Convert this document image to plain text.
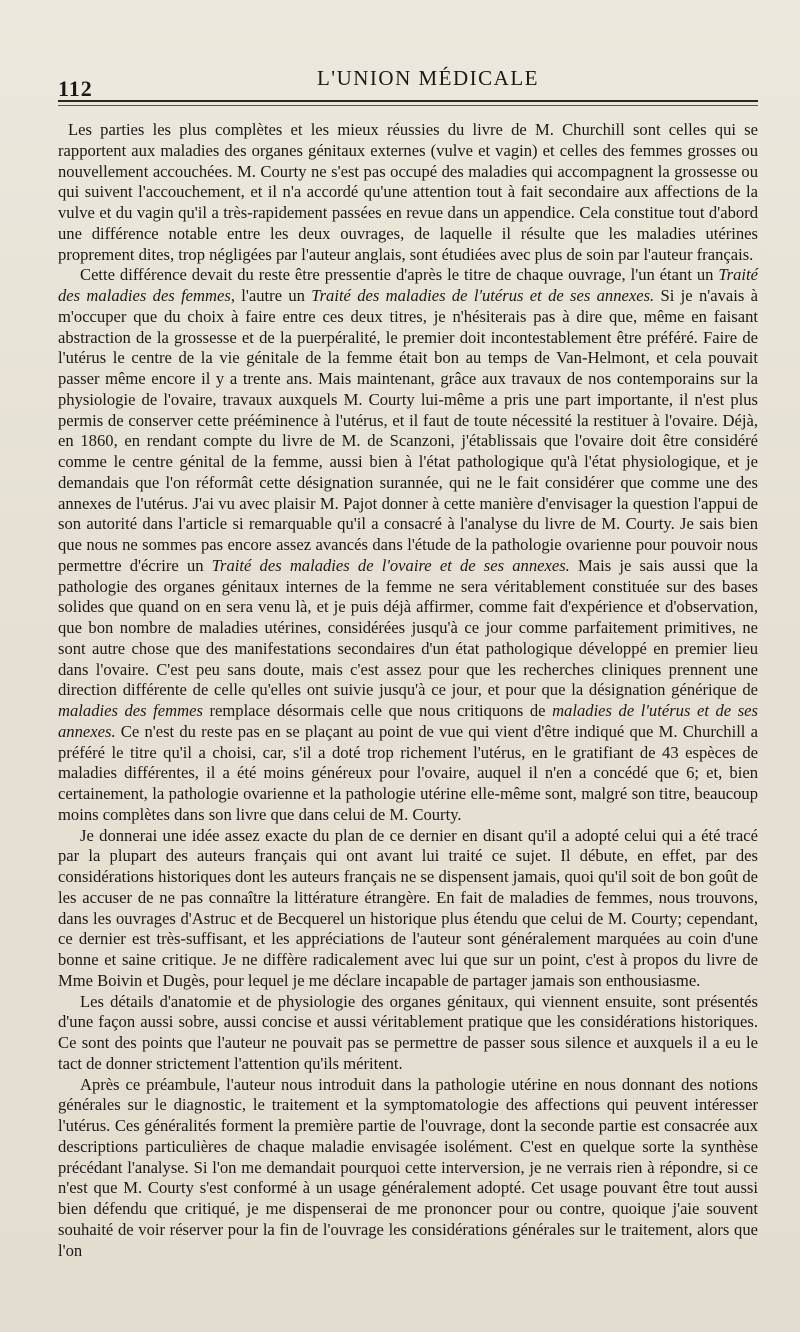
112	L'UNION MÉDICALE

Les parties les plus complètes et les mieux réussies du livre de M. Churchill sont celles qui se rapportent aux maladies des organes génitaux externes (vulve et vagin) et celles des femmes grosses ou nouvellement accouchées. M. Courty ne s'est pas occupé des maladies qui accompagnent la grossesse ou qui suivent l'accouchement, et il n'a accordé qu'une attention tout à fait secondaire aux affections de la vulve et du vagin qu'il a très-rapidement passées en revue dans un appendice. Cela constitue tout d'abord une différence notable entre les deux ouvrages, de laquelle il résulte que les maladies utérines proprement dites, trop négligées par l'auteur anglais, sont étudiées avec plus de soin par l'auteur français.

Cette différence devait du reste être pressentie d'après le titre de chaque ouvrage, l'un étant un Traité des maladies des femmes, l'autre un Traité des maladies de l'utérus et de ses annexes. Si je n'avais à m'occuper que du choix à faire entre ces deux titres, je n'hésiterais pas à dire que, même en faisant abstraction de la grossesse et de la puerpéralité, le premier doit incontestablement être préféré. Faire de l'utérus le centre de la vie génitale de la femme était bon au temps de Van-Helmont, et cela pouvait passer même encore il y a trente ans. Mais maintenant, grâce aux travaux de nos contemporains sur la physiologie de l'ovaire, travaux auxquels M. Courty lui-même a pris une part importante, il n'est plus permis de conserver cette prééminence à l'utérus, et il faut de toute nécessité la restituer à l'ovaire. Déjà, en 1860, en rendant compte du livre de M. de Scanzoni, j'établissais que l'ovaire doit être considéré comme le centre génital de la femme, aussi bien à l'état pathologique qu'à l'état physiologique, et je demandais que l'on réformât cette désignation surannée, qui ne le fait considérer que comme une des annexes de l'utérus. J'ai vu avec plaisir M. Pajot donner à cette manière d'envisager la question l'appui de son autorité dans l'article si remarquable qu'il a consacré à l'analyse du livre de M. Courty. Je sais bien que nous ne sommes pas encore assez avancés dans l'étude de la pathologie ovarienne pour pouvoir nous permettre d'écrire un Traité des maladies de l'ovaire et de ses annexes. Mais je sais aussi que la pathologie des organes génitaux internes de la femme ne sera véritablement constituée sur des bases solides que quand on en sera venu là, et je puis déjà affirmer, comme fait d'expérience et d'observation, que bon nombre de maladies utérines, considérées jusqu'à ce jour comme parfaitement primitives, ne sont autre chose que des manifestations secondaires d'un état pathologique développé en premier lieu dans l'ovaire. C'est peu sans doute, mais c'est assez pour que les recherches cliniques prennent une direction différente de celle qu'elles ont suivie jusqu'à ce jour, et pour que la désignation générique de maladies des femmes remplace désormais celle que nous critiquons de maladies de l'utérus et de ses annexes. Ce n'est du reste pas en se plaçant au point de vue qui vient d'être indiqué que M. Churchill a préféré le titre qu'il a choisi, car, s'il a doté trop richement l'utérus, en le gratifiant de 43 espèces de maladies différentes, il a été moins généreux pour l'ovaire, auquel il n'en a concédé que 6; et, bien certainement, la pathologie ovarienne et la pathologie utérine elle-même sont, malgré son titre, beaucoup moins complètes dans son livre que dans celui de M. Courty.

Je donnerai une idée assez exacte du plan de ce dernier en disant qu'il a adopté celui qui a été tracé par la plupart des auteurs français qui ont avant lui traité ce sujet. Il débute, en effet, par des considérations historiques dont les auteurs français ne se dispensent jamais, quoi qu'il soit de bon goût de les accuser de ne pas connaître la littérature étrangère. En fait de maladies de femmes, nous trouvons, dans les ouvrages d'Astruc et de Becquerel un historique plus étendu que celui de M. Courty; cependant, ce dernier est très-suffisant, et les appréciations de l'auteur sont généralement marquées au coin d'une bonne et saine critique. Je ne diffère radicalement avec lui que sur un point, c'est à propos du livre de Mme Boivin et Dugès, pour lequel je me déclare incapable de partager jamais son enthousiasme.

Les détails d'anatomie et de physiologie des organes génitaux, qui viennent ensuite, sont présentés d'une façon aussi sobre, aussi concise et aussi véritablement pratique que les considérations historiques. Ce sont des points que l'auteur ne pouvait pas se permettre de passer sous silence et auxquels il a eu le tact de donner strictement l'attention qu'ils méritent.

Après ce préambule, l'auteur nous introduit dans la pathologie utérine en nous donnant des notions générales sur le diagnostic, le traitement et la symptomatologie des affections qui peuvent intéresser l'utérus. Ces généralités forment la première partie de l'ouvrage, dont la seconde partie est consacrée aux descriptions particulières de chaque maladie envisagée isolément. C'est en quelque sorte la synthèse précédant l'analyse. Si l'on me demandait pourquoi cette interversion, je ne verrais rien à répondre, si ce n'est que M. Courty s'est conformé à un usage généralement adopté. Cet usage pouvant être tout aussi bien défendu que critiqué, je me dispenserai de me prononcer pour ou contre, quoique j'aie souvent souhaité de voir réserver pour la fin de l'ouvrage les considérations générales sur le traitement, alors que l'on
